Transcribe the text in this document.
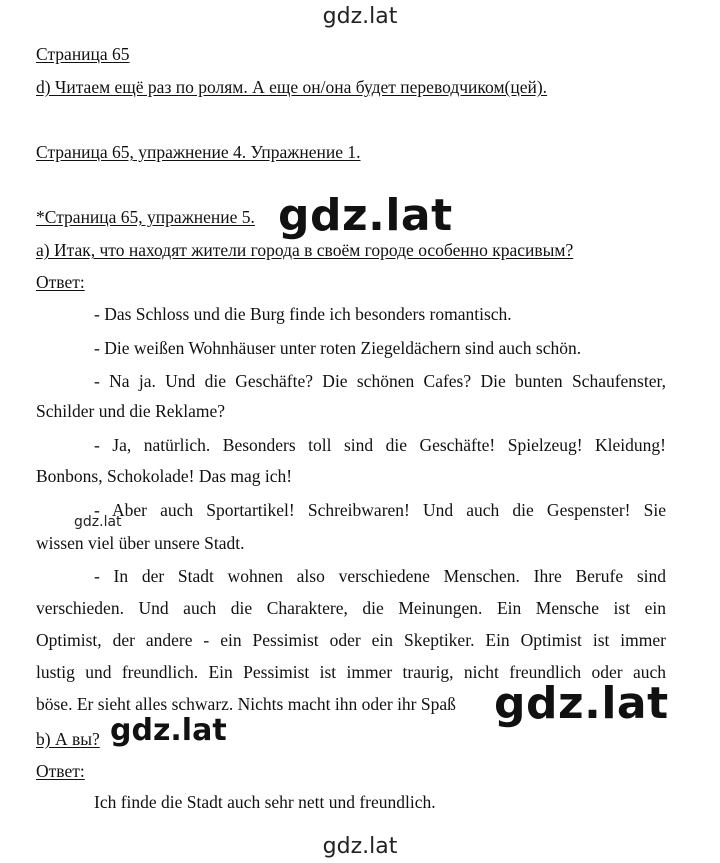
gdz.lat
Страница 65
d) Читаем ещё раз по ролям. А еще он/она будет переводчиком(цей).
Страница 65, упражнение 4. Упражнение 1.
*Страница 65, упражнение 5.
а) Итак, что находят жители города в своём городе особенно красивым?
Ответ:
- Das Schloss und die Burg finde ich besonders romantisch.
- Die weißen Wohnhäuser unter roten Ziegeldächern sind auch schön.
- Na ja. Und die Geschäfte? Die schönen Cafes? Die bunten Schaufenster,
Schilder und die Reklame?
- Ja, natürlich. Besonders toll sind die Geschäfte! Spielzeug! Kleidung!
Bonbons, Schokolade! Das mag ich!
- Aber auch Sportartikel! Schreibwaren! Und auch die Gespenster! Sie
wissen viel über unsere Stadt.
- In der Stadt wohnen also verschiedene Menschen. Ihre Berufe sind
verschieden. Und auch die Charaktere, die Meinungen. Ein Mensche ist ein
Optimist, der andere - ein Pessimist oder ein Skeptiker. Ein Optimist ist immer
lustig und freundlich. Ein Pessimist ist immer traurig, nicht freundlich oder auch
böse. Er sieht alles schwarz. Nichts macht ihn oder ihr Spaß
b) А вы?
Ответ:
Ich finde die Stadt auch sehr nett und freundlich.
gdz.lat
gdz.lat
gdz.lat
gdz.lat
gdz.lat
